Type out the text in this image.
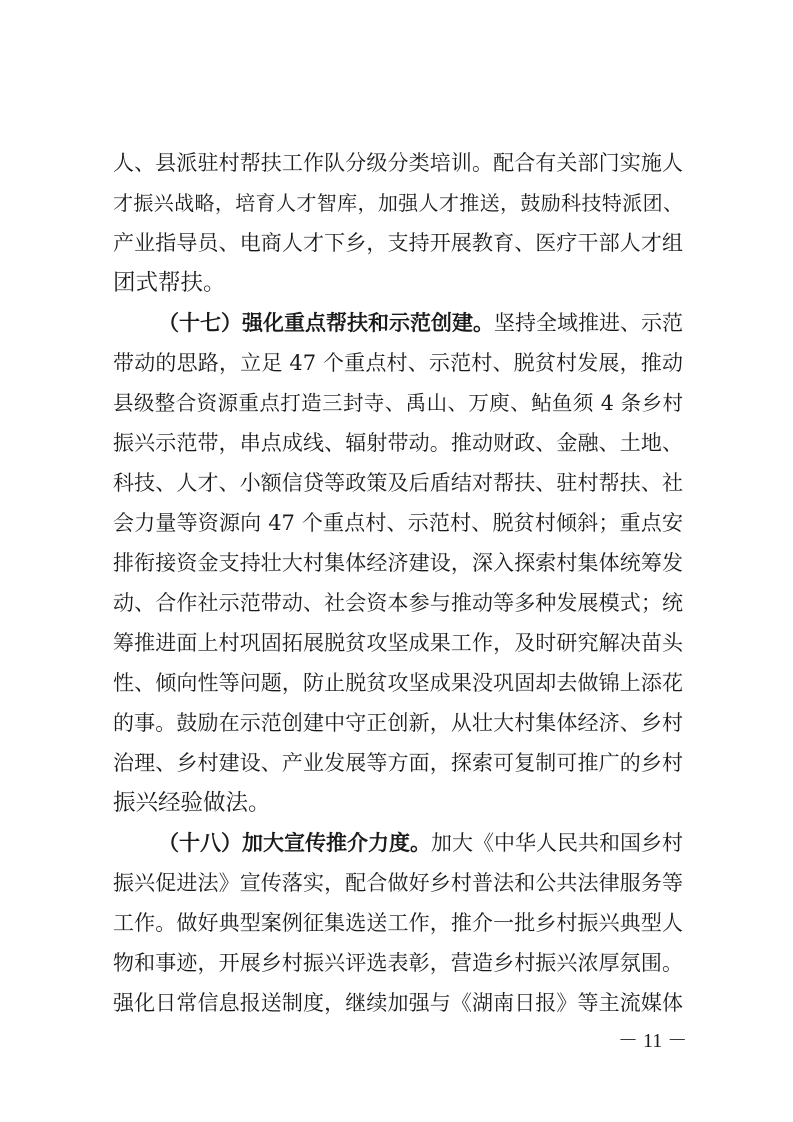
人、县派驻村帮扶工作队分级分类培训。配合有关部门实施人
才振兴战略，培育人才智库，加强人才推送，鼓励科技特派团、
产业指导员、电商人才下乡，支持开展教育、医疗干部人才组
团式帮扶。
（十七）强化重点帮扶和示范创建。坚持全域推进、示范
带动的思路，立足 47 个重点村、示范村、脱贫村发展，推动
县级整合资源重点打造三封寺、禹山、万庾、鲇鱼须 4 条乡村
振兴示范带，串点成线、辐射带动。推动财政、金融、土地、
科技、人才、小额信贷等政策及后盾结对帮扶、驻村帮扶、社
会力量等资源向 47 个重点村、示范村、脱贫村倾斜；重点安
排衔接资金支持壮大村集体经济建设，深入探索村集体统筹发
动、合作社示范带动、社会资本参与推动等多种发展模式；统
筹推进面上村巩固拓展脱贫攻坚成果工作，及时研究解决苗头
性、倾向性等问题，防止脱贫攻坚成果没巩固却去做锦上添花
的事。鼓励在示范创建中守正创新，从壮大村集体经济、乡村
治理、乡村建设、产业发展等方面，探索可复制可推广的乡村
振兴经验做法。
（十八）加大宣传推介力度。加大《中华人民共和国乡村
振兴促进法》宣传落实，配合做好乡村普法和公共法律服务等
工作。做好典型案例征集选送工作，推介一批乡村振兴典型人
物和事迹，开展乡村振兴评选表彰，营造乡村振兴浓厚氛围。
强化日常信息报送制度，继续加强与《湖南日报》等主流媒体
－ 11 －
